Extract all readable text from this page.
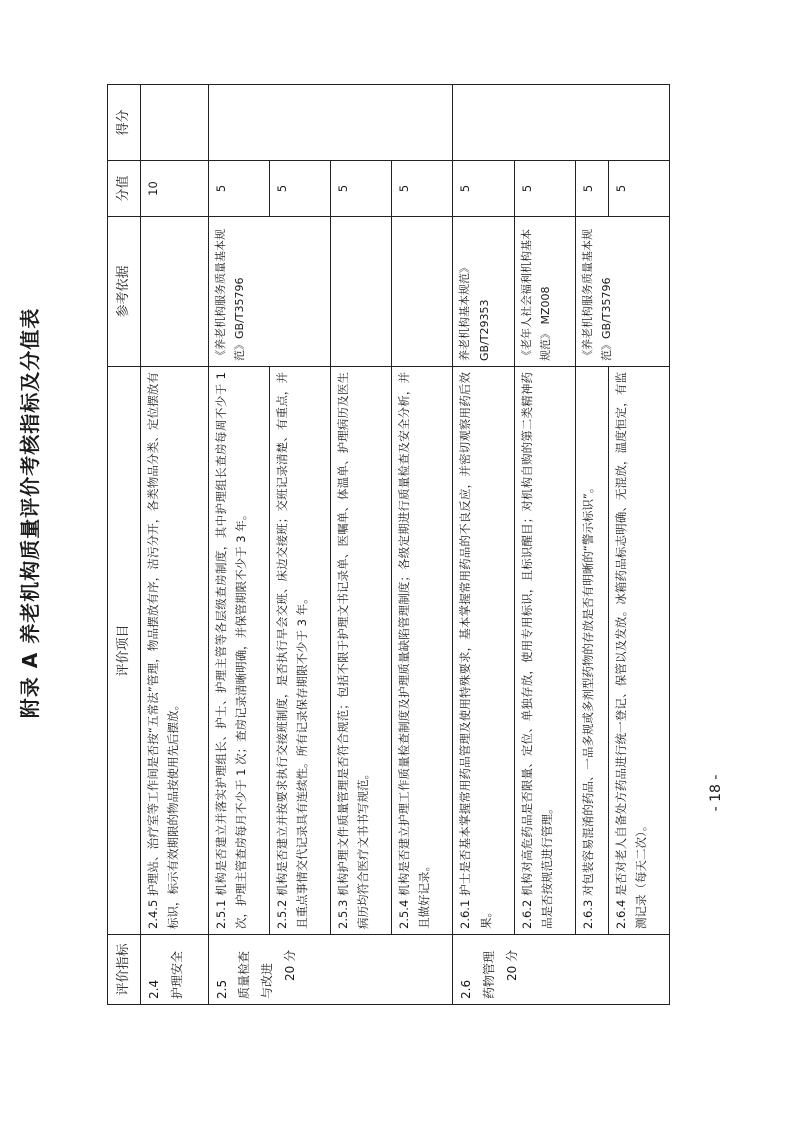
附录 A 养老机构质量评价考核指标及分值表
评价指标	评价项目	参考依据	分值	得分

2.4 护理安全	2.4.5 护理站、治疗室等工作间是否按“五常法”管理，物品摆放有序，洁污分开，各类物品分类、定位摆放有标识，标示有效期限的物品按使用先后摆放。		10	

2.5 质量检查与改进 20 分	2.5.1 机构是否建立并落实护理组长、护士、护理主管等各层级查房制度，其中护理组长查房每周不少于 1 次，护理主管查房每月不少于 1 次；查房记录清晰明确，并保管期限不少于 3 年。	《养老机构服务质量基本规范》GB/T35796	5	
	2.5.2 机构是否建立并按要求执行交接班制度，是否执行早会交班、床边交接班；交班记录清楚、有重点，并且重点事情交代记录具有连续性。所有记录保存期限不少于 3 年。		5	
	2.5.3 机构护理文件质量管理是否符合规范；包括不限于护理文书记录单、医嘱单、体温单、护理病历及医生病历均符合医疗文书书写规范。		5	
	2.5.4 机构是否建立护理工作质量检查制度及护理质量缺陷管理制度；各级定期进行质量检查及安全分析，并且做好记录。		5	

2.6 药物管理 20 分	2.6.1 护士是否基本掌握常用药品管理及使用特殊要求，基本掌握常用药品的不良反应，并密切观察用药后效果。	养老机构基本规范》GB/T29353	5	
	2.6.2 机构对高危药品是否限量、定位、单独存放，使用专用标识，且标识醒目；对机构自购的第二类精神药品是否按规范进行管理。	《老年人社会福利机构基本规范》 MZ008	5	
	2.6.3 对包装容易混淆的药品、一品多规或多剂型药物的存放是否有明晰的“警示标识”。	《养老机构服务质量基本规范》GB/T35796	5	
	2.6.4 是否对老人自备处方药品进行统一登记、保管以及发放。冰箱药品标志明确、无混放，温度恒定，有监测记录（每天二次）。		5	
- 18 -
